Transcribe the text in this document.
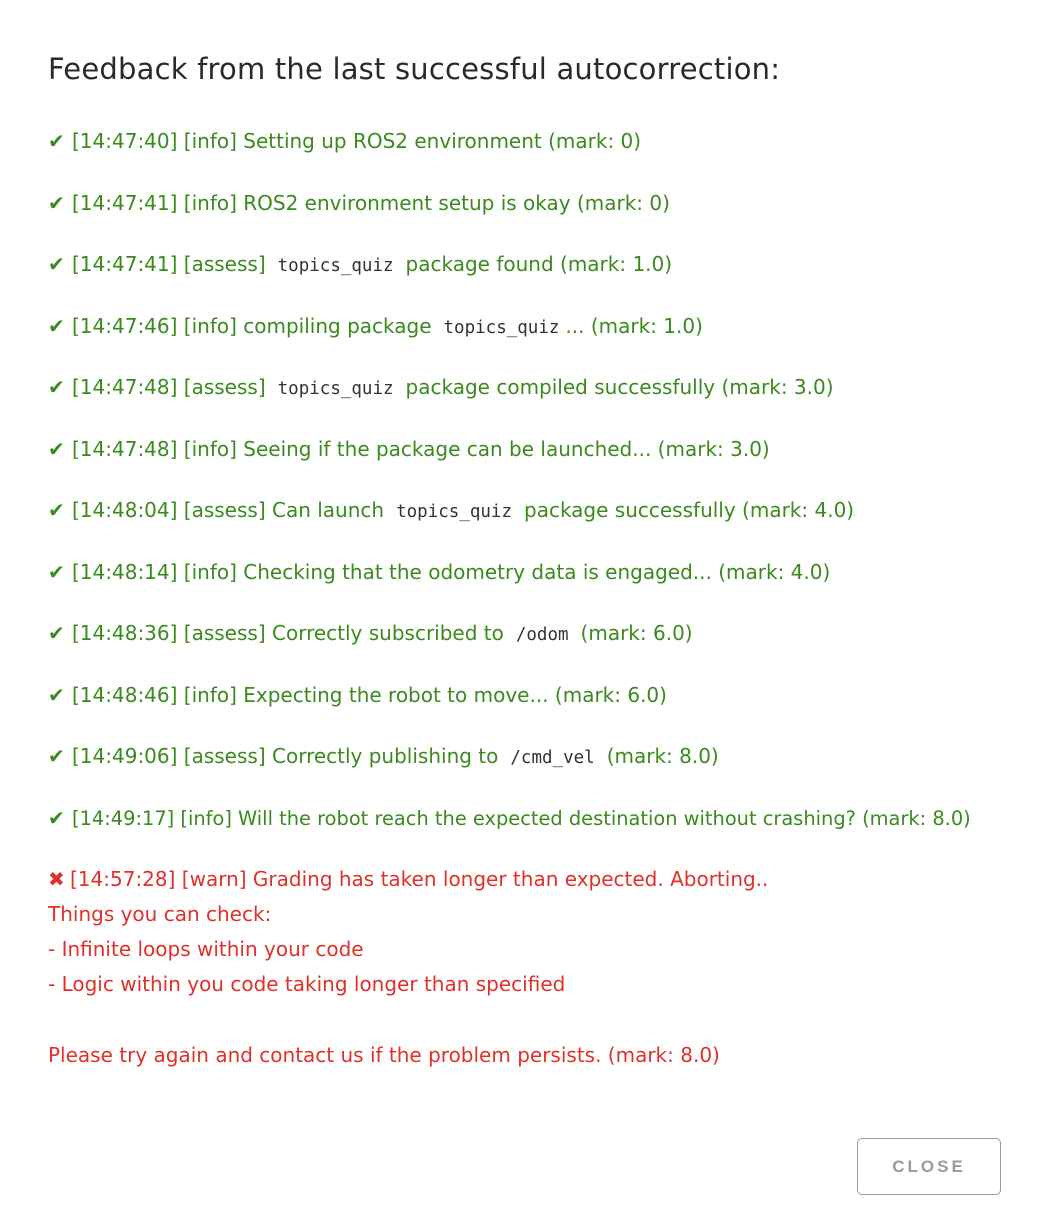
Feedback from the last successful autocorrection:
✔ [14:47:40] [info] Setting up ROS2 environment (mark: 0)
✔ [14:47:41] [info] ROS2 environment setup is okay (mark: 0)
✔ [14:47:41] [assess] topics_quiz package found (mark: 1.0)
✔ [14:47:46] [info] compiling package topics_quiz ... (mark: 1.0)
✔ [14:47:48] [assess] topics_quiz package compiled successfully (mark: 3.0)
✔ [14:47:48] [info] Seeing if the package can be launched... (mark: 3.0)
✔ [14:48:04] [assess] Can launch topics_quiz package successfully (mark: 4.0)
✔ [14:48:14] [info] Checking that the odometry data is engaged... (mark: 4.0)
✔ [14:48:36] [assess] Correctly subscribed to /odom (mark: 6.0)
✔ [14:48:46] [info] Expecting the robot to move... (mark: 6.0)
✔ [14:49:06] [assess] Correctly publishing to /cmd_vel (mark: 8.0)
✔ [14:49:17] [info] Will the robot reach the expected destination without crashing? (mark: 8.0)
✖ [14:57:28] [warn] Grading has taken longer than expected. Aborting..
Things you can check:
- Infinite loops within your code
- Logic within you code taking longer than specified
Please try again and contact us if the problem persists. (mark: 8.0)
CLOSE
